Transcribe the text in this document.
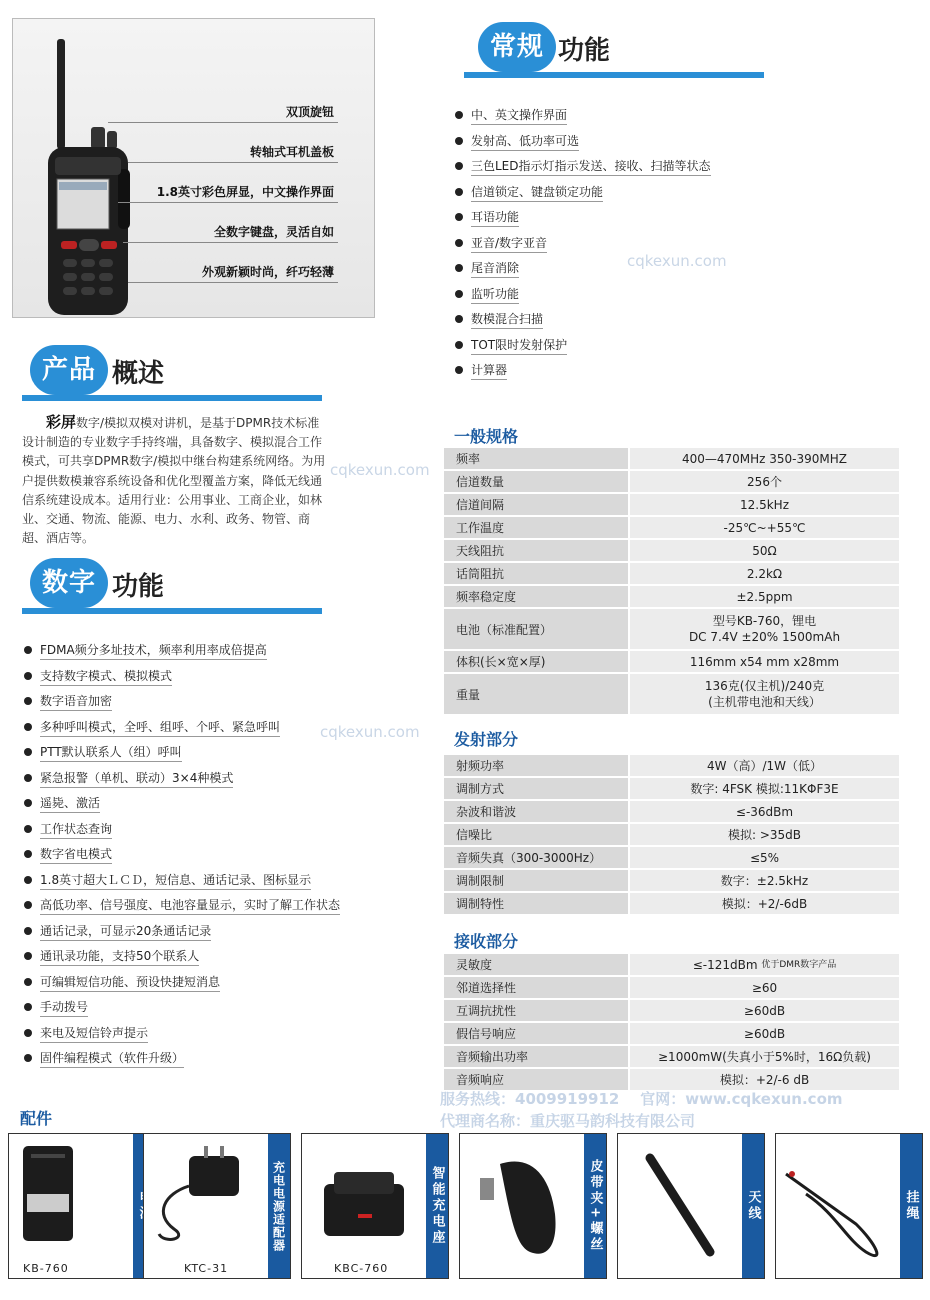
双顶旋钮
转轴式耳机盖板
1.8英寸彩色屏显，中文操作界面
全数字键盘，灵活自如
外观新颖时尚，纤巧轻薄
产品 概述
彩屏数字/模拟双模对讲机，是基于DPMR技术标准设计制造的专业数字手持终端，具备数字、模拟混合工作模式，可共享DPMR数字/模拟中继台构建系统网络。为用户提供数模兼容系统设备和优化型覆盖方案，降低无线通信系统建设成本。适用行业：公用事业、工商企业，如林业、交通、物流、能源、电力、水利、政务、物管、商超、酒店等。
数字 功能
FDMA频分多址技术，频率利用率成倍提高
支持数字模式、模拟模式
数字语音加密
多种呼叫模式，全呼、组呼、个呼、紧急呼叫
PTT默认联系人（组）呼叫
紧急报警（单机、联动）3×4种模式
遥毙、激活
工作状态查询
数字省电模式
1.8英寸超大ＬＣＤ，短信息、通话记录、图标显示
高低功率、信号强度、电池容量显示，实时了解工作状态
通话记录，可显示20条通话记录
通讯录功能，支持50个联系人
可编辑短信功能、预设快捷短消息
手动拨号
来电及短信铃声提示
固件编程模式（软件升级）
常规 功能
中、英文操作界面
发射高、低功率可选
三色LED指示灯指示发送、接收、扫描等状态
信道锁定、键盘锁定功能
耳语功能
亚音/数字亚音
尾音消除
监听功能
数模混合扫描
TOT限时发射保护
计算器
cqkexun.com
cqkexun.com
cqkexun.com
一般规格
频率	400—470MHz 350-390MHZ
信道数量	256个
信道间隔	12.5kHz
工作温度	-25℃~+55℃
天线阻抗	50Ω
话筒阻抗	2.2kΩ
频率稳定度	±2.5ppm
电池（标准配置）
型号KB-760，锂电
DC 7.4V ±20% 1500mAh
体积(长×宽×厚)	116mm x54 mm x28mm
重量
136克(仅主机)/240克
(主机带电池和天线）
发射部分
射频功率	4W（高）/1W（低）
调制方式	数字: 4FSK 模拟:11KΦF3E
杂波和谐波	≤-36dBm
信噪比	模拟: >35dB
音频失真（300-3000Hz）	≤5%
调制限制	数字：±2.5kHz
调制特性	模拟：+2/-6dB
接收部分
灵敏度	≤-121dBm
优于DMR数字产品
邻道选择性	≥60
互调抗扰性	≥60dB
假信号响应	≥60dB
音频输出功率	≥1000mW(失真小于5%时，16Ω负载)
音频响应	模拟：+2/-6 dB
服务热线：4009919912 官网：www.cqkexun.com
代理商名称：重庆驱马韵科技有限公司
配件
KB-760
充电电源适配器
KTC-31
智能充电座
KBC-760
皮带夹+螺丝	天线	挂绳
